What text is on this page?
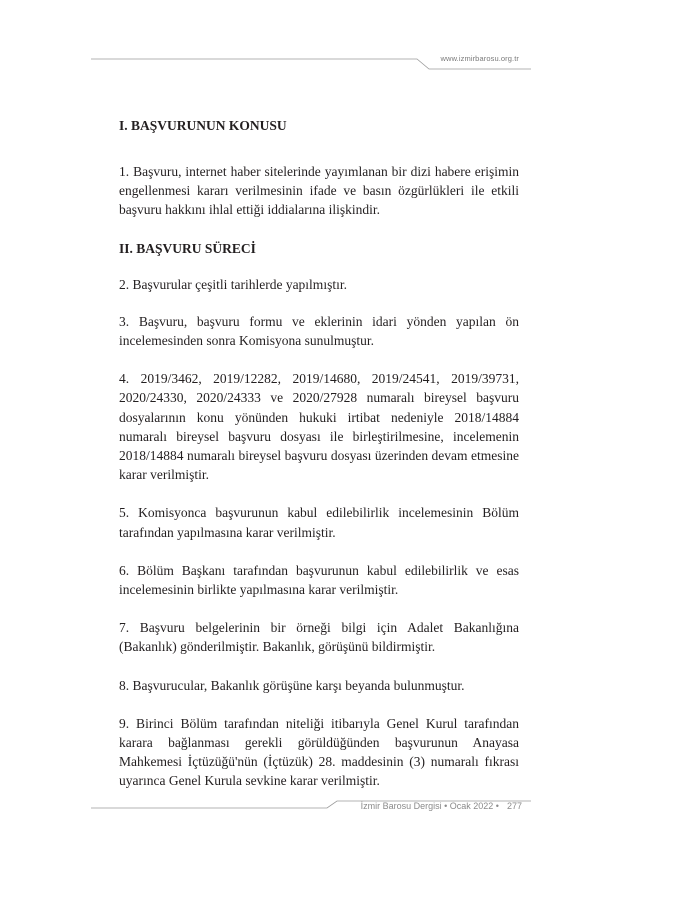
www.izmirbarosu.org.tr

I. BAŞVURUNUN KONUSU

1. Başvuru, internet haber sitelerinde yayımlanan bir dizi habere erişimin engellenmesi kararı verilmesinin ifade ve basın özgürlükleri ile etkili başvuru hakkını ihlal ettiği iddialarına ilişkindir.

II. BAŞVURU SÜRECİ

2. Başvurular çeşitli tarihlerde yapılmıştır.

3. Başvuru, başvuru formu ve eklerinin idari yönden yapılan ön incelemesinden sonra Komisyona sunulmuştur.

4. 2019/3462, 2019/12282, 2019/14680, 2019/24541, 2019/39731, 2020/24330, 2020/24333 ve 2020/27928 numaralı bireysel başvuru dosyalarının konu yönünden hukuki irtibat nedeniyle 2018/14884 numaralı bireysel başvuru dosyası ile birleştirilmesine, incelemenin 2018/14884 numaralı bireysel başvuru dosyası üzerinden devam etmesine karar verilmiştir.

5. Komisyonca başvurunun kabul edilebilirlik incelemesinin Bölüm tarafından yapılmasına karar verilmiştir.

6. Bölüm Başkanı tarafından başvurunun kabul edilebilirlik ve esas incelemesinin birlikte yapılmasına karar verilmiştir.

7. Başvuru belgelerinin bir örneği bilgi için Adalet Bakanlığına (Bakanlık) gönderilmiştir. Bakanlık, görüşünü bildirmiştir.

8. Başvurucular, Bakanlık görüşüne karşı beyanda bulunmuştur.

9. Birinci Bölüm tarafından niteliği itibarıyla Genel Kurul tarafından karara bağlanması gerekli görüldüğünden başvurunun Anayasa Mahkemesi İçtüzüğü'nün (İçtüzük) 28. maddesinin (3) numaralı fıkrası uyarınca Genel Kurula sevkine karar verilmiştir.

İzmir Barosu Dergisi • Ocak 2022 • 277
